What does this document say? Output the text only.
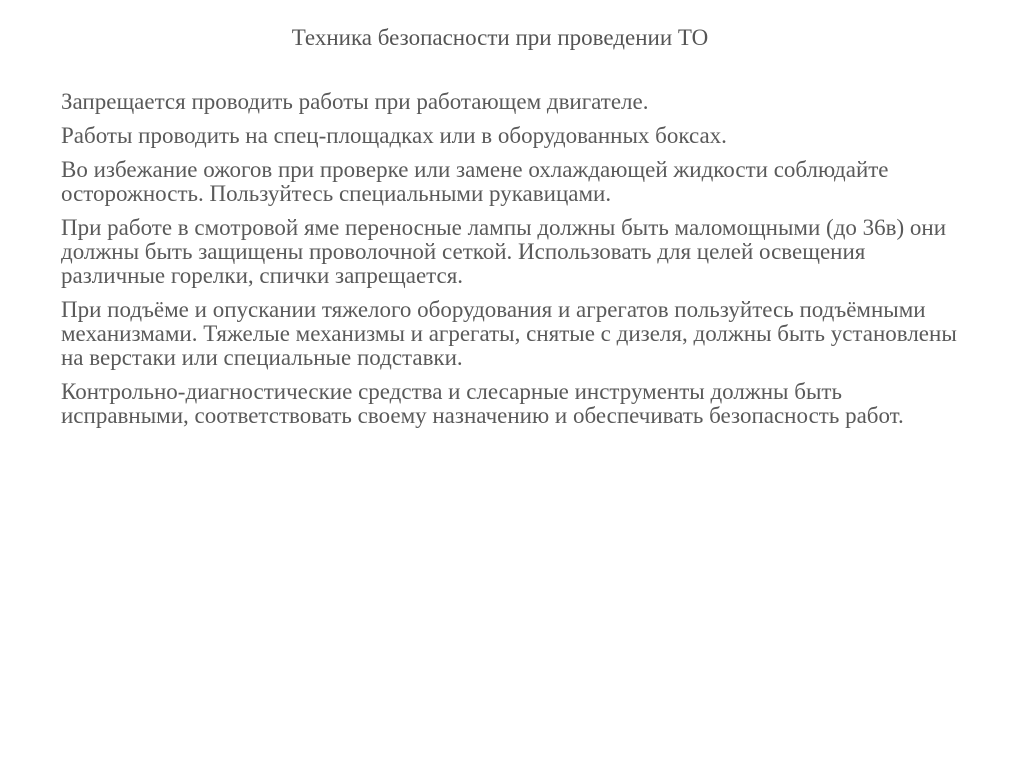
Техника безопасности при проведении ТО
Запрещается проводить работы при работающем двигателе.
Работы проводить на спец-площадках или в оборудованных боксах.
Во избежание ожогов при проверке или замене охлаждающей жидкости соблюдайте осторожность. Пользуйтесь специальными рукавицами.
При работе в смотровой яме переносные лампы должны быть маломощными (до 36в) они должны быть защищены проволочной сеткой. Использовать для целей освещения различные горелки, спички запрещается.
При подъёме и опускании тяжелого оборудования и агрегатов пользуйтесь подъёмными механизмами. Тяжелые механизмы и агрегаты, снятые с дизеля, должны быть установлены на верстаки или специальные подставки.
Контрольно-диагностические средства и слесарные инструменты должны быть исправными, соответствовать своему назначению и обеспечивать безопасность работ.
